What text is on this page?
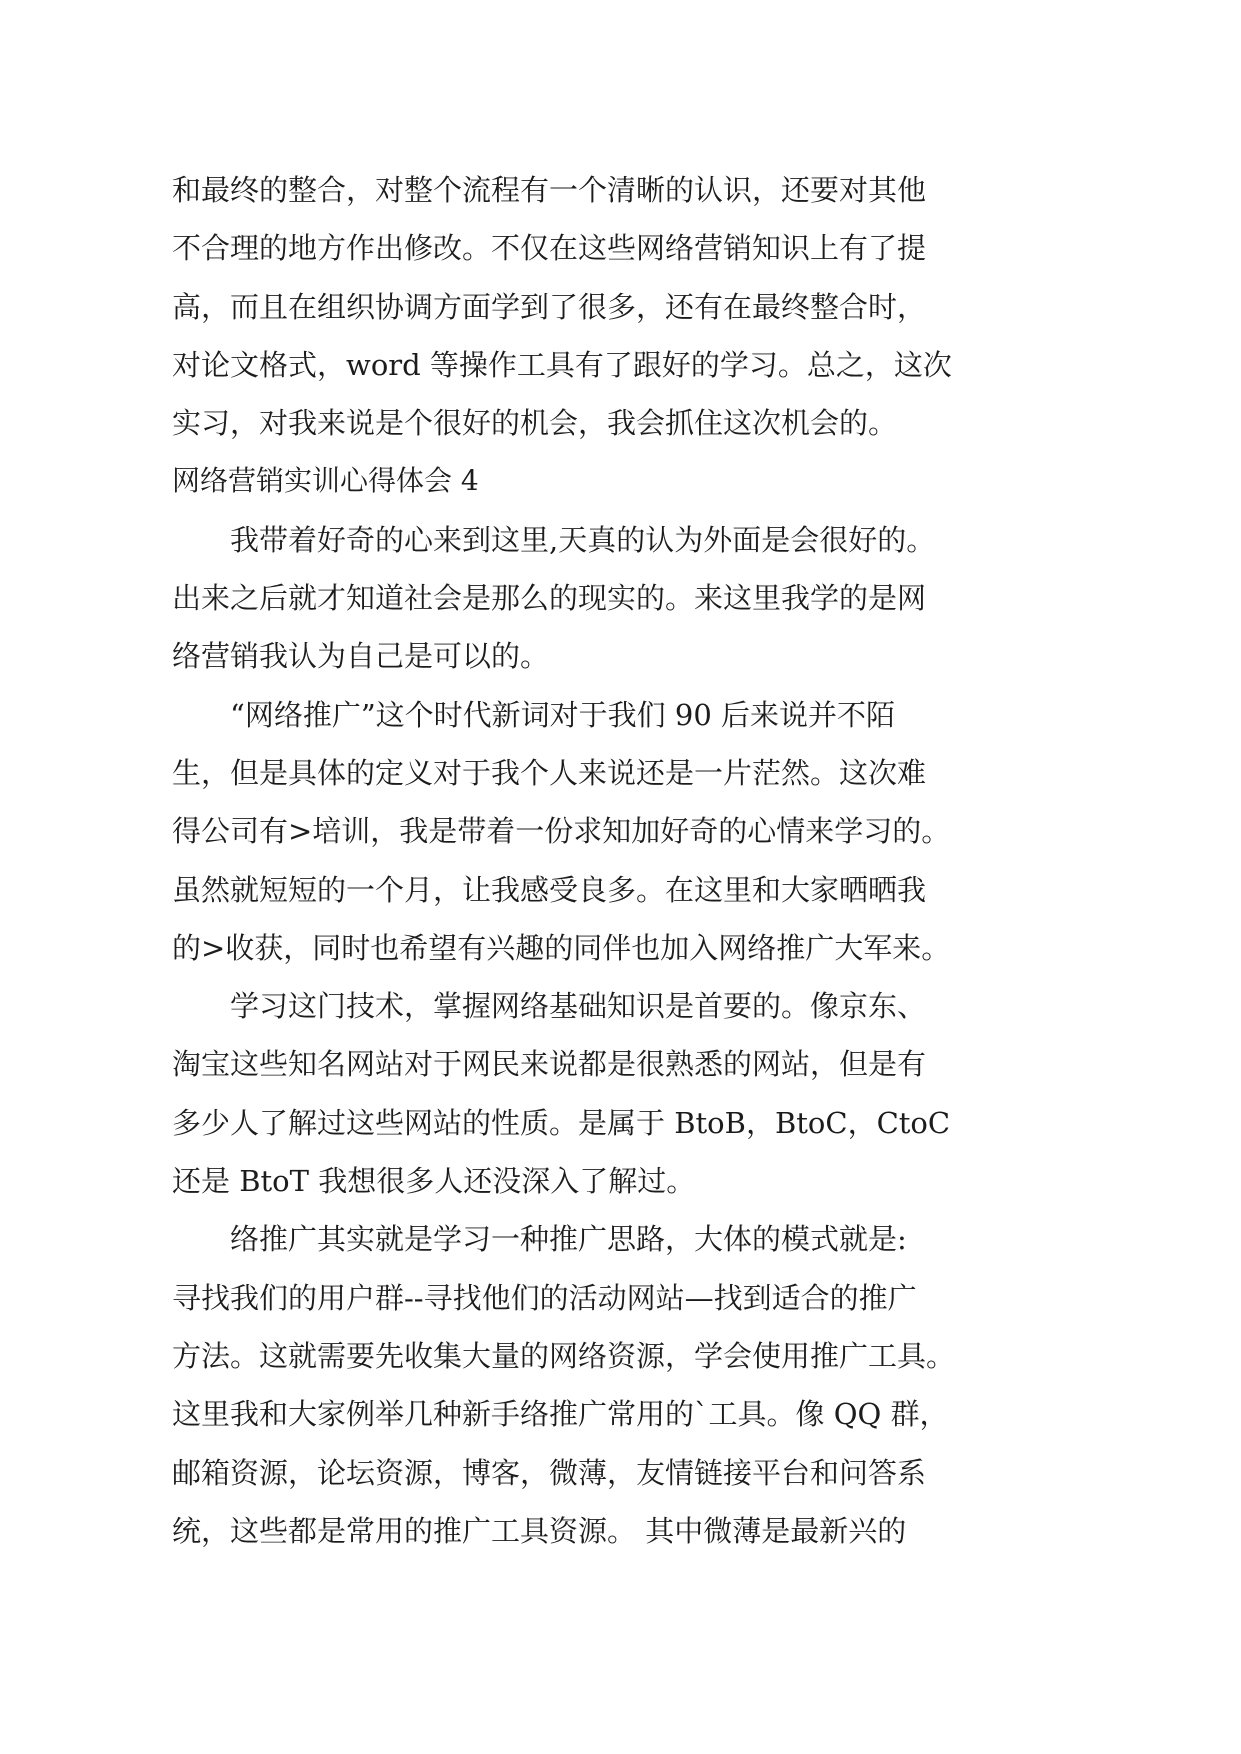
和最终的整合，对整个流程有一个清晰的认识，还要对其他
不合理的地方作出修改。不仅在这些网络营销知识上有了提
高，而且在组织协调方面学到了很多，还有在最终整合时，
对论文格式，word 等操作工具有了跟好的学习。总之，这次
实习，对我来说是个很好的机会，我会抓住这次机会的。
网络营销实训心得体会 4
我带着好奇的心来到这里,天真的认为外面是会很好的。
出来之后就才知道社会是那么的现实的。来这里我学的是网
络营销我认为自己是可以的。
“网络推广”这个时代新词对于我们 90 后来说并不陌
生，但是具体的定义对于我个人来说还是一片茫然。这次难
得公司有>培训，我是带着一份求知加好奇的心情来学习的。
虽然就短短的一个月，让我感受良多。在这里和大家晒晒我
的>收获，同时也希望有兴趣的同伴也加入网络推广大军来。
学习这门技术，掌握网络基础知识是首要的。像京东、
淘宝这些知名网站对于网民来说都是很熟悉的网站，但是有
多少人了解过这些网站的性质。是属于 BtoB，BtoC，CtoC
还是 BtoT 我想很多人还没深入了解过。
络推广其实就是学习一种推广思路，大体的模式就是:
寻找我们的用户群--寻找他们的活动网站—找到适合的推广
方法。这就需要先收集大量的网络资源，学会使用推广工具。
这里我和大家例举几种新手络推广常用的`工具。像 QQ 群，
邮箱资源，论坛资源，博客，微薄，友情链接平台和问答系
统，这些都是常用的推广工具资源。 其中微薄是最新兴的
